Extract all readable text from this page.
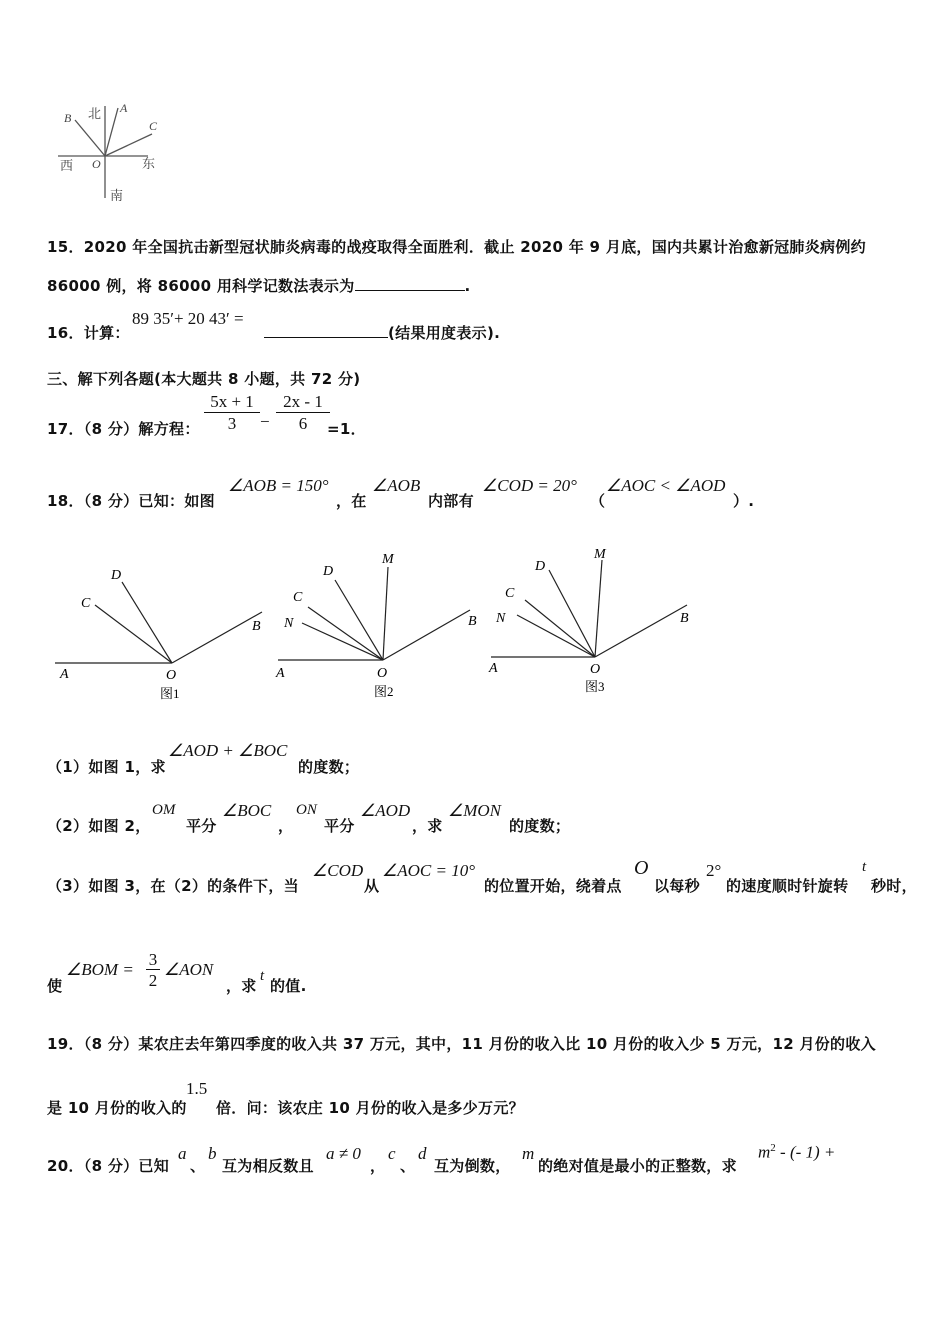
北 A
B
C
西 O	东
南
15．2020 年全国抗击新型冠状肺炎病毒的战疫取得全面胜利．截止 2020 年 9 月底，国内共累计治愈新冠肺炎病例约
86000 例，将 86000 用科学记数法表示为	.
16．计算：
89 35′+ 20 43′ =
(结果用度表示).
三、解下列各题(本大题共 8 小题，共 72 分)
17．（8 分）解方程：
5x + 1
3	−
2x - 1
6	=1．
18．（8 分）已知：如图
∠AOB = 150°
，在
∠AOB
内部有
∠COD = 20°
（
∠AOC < ∠AOD
）.
A	O
B
C
D
图1
A	O
B
C
D
M
N
图2
A	O
B
C
D
M
N
图3
（1）如图 1，求
∠AOD + ∠BOC
的度数；
（2）如图 2，
OM
平分
∠BOC
，
ON
平分
∠AOD
，求
∠MON
的度数；
（3）如图 3，在（2）的条件下，当
∠COD
从
∠AOC = 10°
的位置开始，绕着点
O
以每秒
2°
的速度顺时针旋转
t
秒时，
使
∠BOM = $\frac{3}{2}$ ∠AON
，求
t
的值.
19．（8 分）某农庄去年第四季度的收入共 37 万元，其中，11 月份的收入比 10 月份的收入少 5 万元，12 月份的收入
是 10 月份的收入的
1.5
倍．问：该农庄 10 月份的收入是多少万元？
20．（8 分）已知
a
、
b
互为相反数且
a ≠ 0
，
c
、
d
互为倒数，
m
的绝对值是最小的正整数，求
$m^2$ - (- 1) +
